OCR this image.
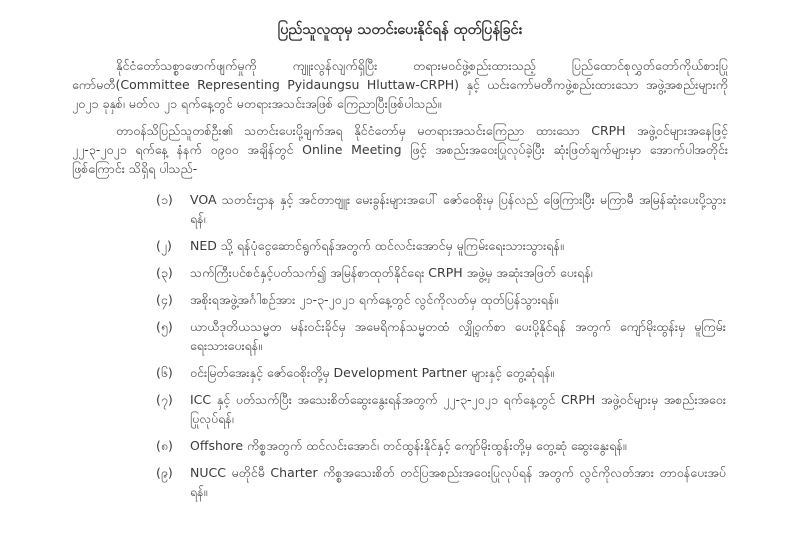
ပြည်သူလူထုမှ သတင်းပေးနိုင်ရန် ထုတ်ပြန်ခြင်း

နိုင်ငံတော်သစ္စာဖောက်ဖျက်မှုကို ကျူးလွန်လျက်ရှိပြီး တရားမဝင်ဖွဲ့စည်းထားသည့် ပြည်ထောင်စုလွှတ်တော်ကိုယ်စားပြုကော်မတီ(Committee Representing Pyidaungsu Hluttaw-CRPH) နှင့် ယင်းကော်မတီကဖွဲ့စည်းထားသော အဖွဲ့အစည်းများကို ၂၀၂၁ ခုနှစ်၊ မတ်လ ၂၁ ရက်နေ့တွင် မတရားအသင်းအဖြစ် ကြေညာပြီးဖြစ်ပါသည်။

တာဝန်သိပြည်သူတစ်ဦး၏ သတင်းပေးပို့ချက်အရ နိုင်ငံတော်မှ မတရားအသင်းကြေညာ ထားသော CRPH အဖွဲ့ဝင်များအနေဖြင့် ၂၂-၃-၂၀၂၁ ရက်နေ့ နံနက် ၀၉၀၀ အချိန်တွင် Online Meeting ဖြင့် အစည်းအဝေးပြုလုပ်ခဲ့ပြီး ဆုံးဖြတ်ချက်များမှာ အောက်ပါအတိုင်း ဖြစ်ကြောင်း သိရှိရ ပါသည်-

(၁)	VOA သတင်းဌာန နှင့် အင်တာဗျူး မေးခွန်းများအပေါ် ဇော်ဝေစိုးမှ ပြန်လည် ဖြေကြားပြီး မကြာမီ အမြန်ဆုံးပေးပို့သွားရန်၊
(၂)	NED သို့ ရန်ပုံငွေဆောင်ရွက်ရန်အတွက် ထင်လင်းအောင်မှ မူကြမ်းရေးသားသွားရန်။
(၃)	သက်ကြီးပင်စင်နှင့်ပတ်သက်၍ အမြန်စာထုတ်နိုင်ရေး CRPH အဖွဲ့မှ အဆုံးအဖြတ် ပေးရန်၊
(၄)	အစိုးရအဖွဲ့အင်္ဂါစဉ်အား ၂၁-၃-၂၀၂၁ ရက်နေ့တွင် လွင်ကိုလတ်မှ ထုတ်ပြန်သွားရန်။
(၅)	ယာယီဒုတိယသမ္မတ မန်းဝင်းခိုင်မှ အမေရိကန်သမ္မတထံ လျှို့ဝှက်စာ ပေးပို့နိုင်ရန် အတွက် ကျော်မိုးထွန်းမှ မူကြမ်းရေးသားပေးရန်။
(၆)	ဝင်းမြတ်အေးနှင့် ဇော်ဝေစိုးတို့မှ Development Partner များနှင့် တွေ့ဆုံရန်။
(၇)	ICC နှင့် ပတ်သက်ပြီး အသေးစိတ်ဆွေးနွေးရန်အတွက် ၂၂-၃-၂၀၂၁ ရက်နေ့တွင် CRPH အဖွဲ့ဝင်များမှ အစည်းအဝေးပြုလုပ်ရန်၊
(၈)	Offshore ကိစ္စအတွက် ထင်လင်းအောင်၊ တင်ထွန်းနိုင်နှင့် ကျော်မိုးထွန်းတို့မှ တွေ့ဆုံ ဆွေးနွေးရန်။
(၉)	NUCC မတိုင်မီ Charter ကိစ္စအသေးစိတ် တင်ပြအစည်းအဝေးပြုလုပ်ရန် အတွက် လွင်ကိုလတ်အား တာဝန်ပေးအပ်ရန်။
